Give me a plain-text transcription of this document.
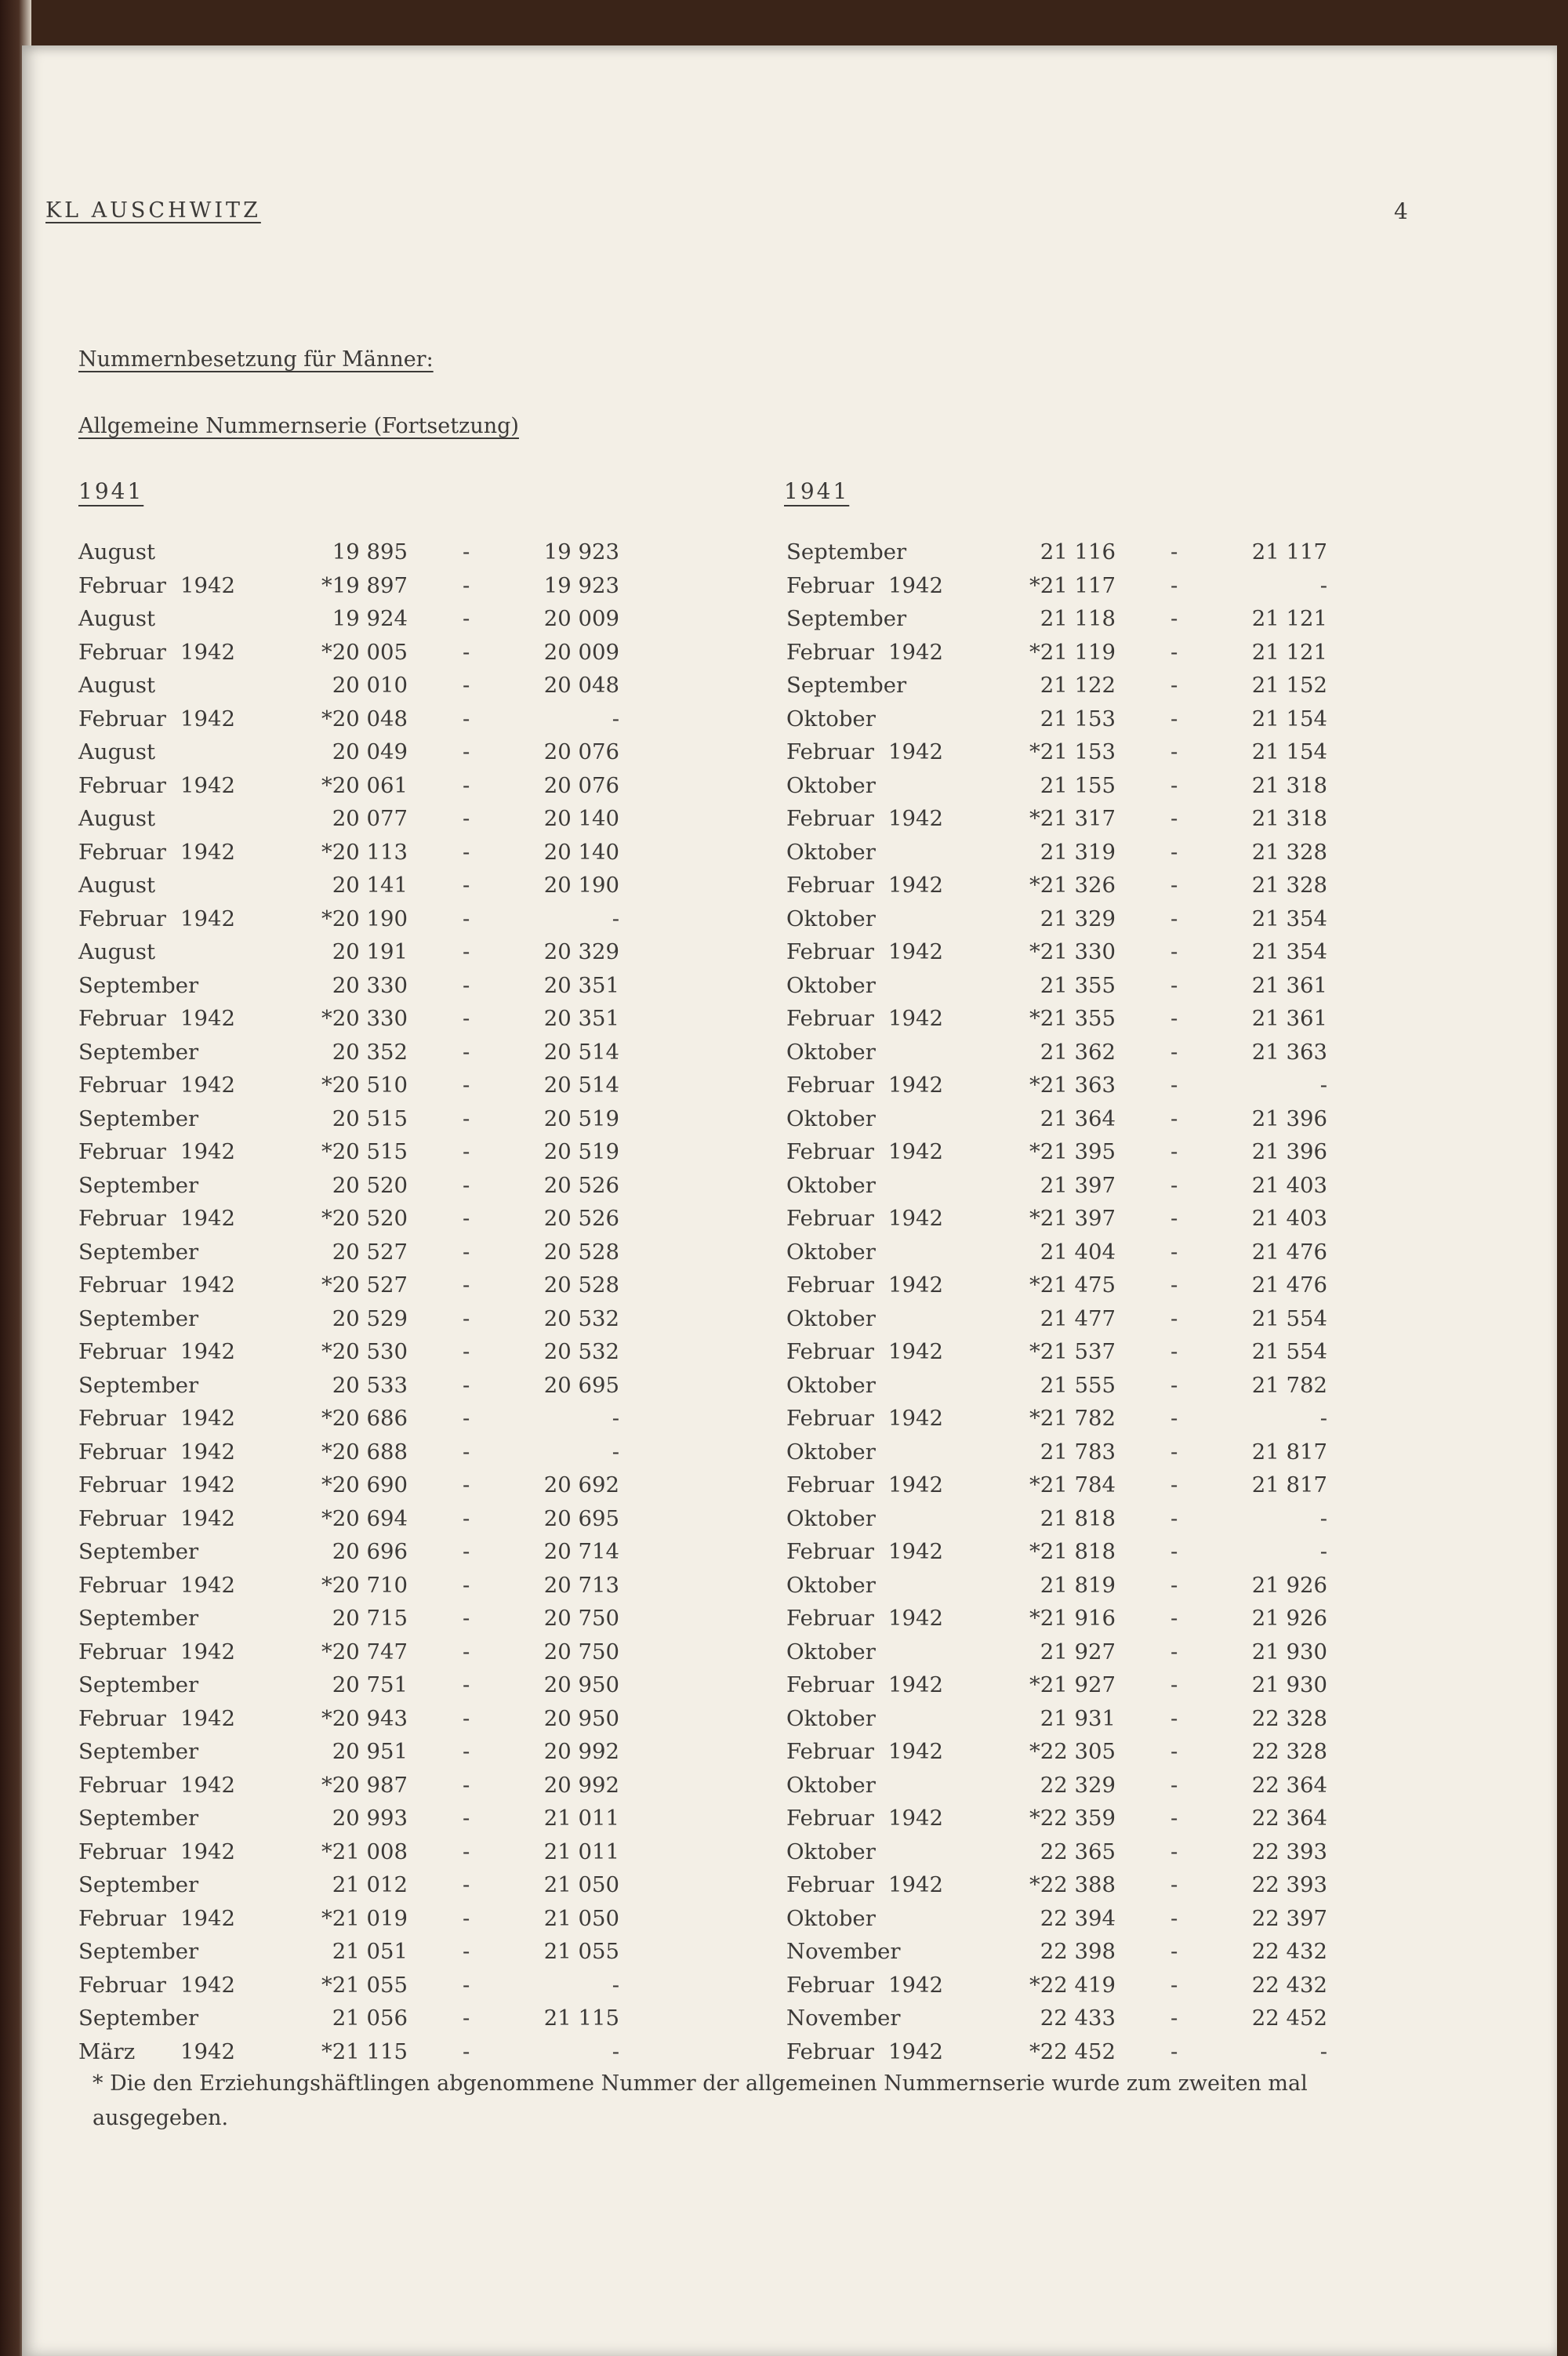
KL AUSCHWITZ	4
Nummernbesetzung für Männer:
Allgemeine Nummernserie (Fortsetzung)
1941	1941
August	19 895	-	19 923
Februar 1942	*19 897	-	19 923
August	19 924	-	20 009
Februar 1942	*20 005	-	20 009
August	20 010	-	20 048
Februar 1942	*20 048	-	-
August	20 049	-	20 076
Februar 1942	*20 061	-	20 076
August	20 077	-	20 140
Februar 1942	*20 113	-	20 140
August	20 141	-	20 190
Februar 1942	*20 190	-	-
August	20 191	-	20 329
September	20 330	-	20 351
Februar 1942	*20 330	-	20 351
September	20 352	-	20 514
Februar 1942	*20 510	-	20 514
September	20 515	-	20 519
Februar 1942	*20 515	-	20 519
September	20 520	-	20 526
Februar 1942	*20 520	-	20 526
September	20 527	-	20 528
Februar 1942	*20 527	-	20 528
September	20 529	-	20 532
Februar 1942	*20 530	-	20 532
September	20 533	-	20 695
Februar 1942	*20 686	-	-
Februar 1942	*20 688	-	-
Februar 1942	*20 690	-	20 692
Februar 1942	*20 694	-	20 695
September	20 696	-	20 714
Februar 1942	*20 710	-	20 713
September	20 715	-	20 750
Februar 1942	*20 747	-	20 750
September	20 751	-	20 950
Februar 1942	*20 943	-	20 950
September	20 951	-	20 992
Februar 1942	*20 987	-	20 992
September	20 993	-	21 011
Februar 1942	*21 008	-	21 011
September	21 012	-	21 050
Februar 1942	*21 019	-	21 050
September	21 051	-	21 055
Februar 1942	*21 055	-	-
September	21 056	-	21 115
März 1942	*21 115	-	-
September	21 116	-	21 117
Februar 1942	*21 117	-	-
September	21 118	-	21 121
Februar 1942	*21 119	-	21 121
September	21 122	-	21 152
Oktober	21 153	-	21 154
Februar 1942	*21 153	-	21 154
Oktober	21 155	-	21 318
Februar 1942	*21 317	-	21 318
Oktober	21 319	-	21 328
Februar 1942	*21 326	-	21 328
Oktober	21 329	-	21 354
Februar 1942	*21 330	-	21 354
Oktober	21 355	-	21 361
Februar 1942	*21 355	-	21 361
Oktober	21 362	-	21 363
Februar 1942	*21 363	-	-
Oktober	21 364	-	21 396
Februar 1942	*21 395	-	21 396
Oktober	21 397	-	21 403
Februar 1942	*21 397	-	21 403
Oktober	21 404	-	21 476
Februar 1942	*21 475	-	21 476
Oktober	21 477	-	21 554
Februar 1942	*21 537	-	21 554
Oktober	21 555	-	21 782
Februar 1942	*21 782	-	-
Oktober	21 783	-	21 817
Februar 1942	*21 784	-	21 817
Oktober	21 818	-	-
Februar 1942	*21 818	-	-
Oktober	21 819	-	21 926
Februar 1942	*21 916	-	21 926
Oktober	21 927	-	21 930
Februar 1942	*21 927	-	21 930
Oktober	21 931	-	22 328
Februar 1942	*22 305	-	22 328
Oktober	22 329	-	22 364
Februar 1942	*22 359	-	22 364
Oktober	22 365	-	22 393
Februar 1942	*22 388	-	22 393
Oktober	22 394	-	22 397
November	22 398	-	22 432
Februar 1942	*22 419	-	22 432
November	22 433	-	22 452
Februar 1942	*22 452	-	-
* Die den Erziehungshäftlingen abgenommene Nummer der allgemeinen Nummernserie wurde zum zweiten mal ausgegeben.
